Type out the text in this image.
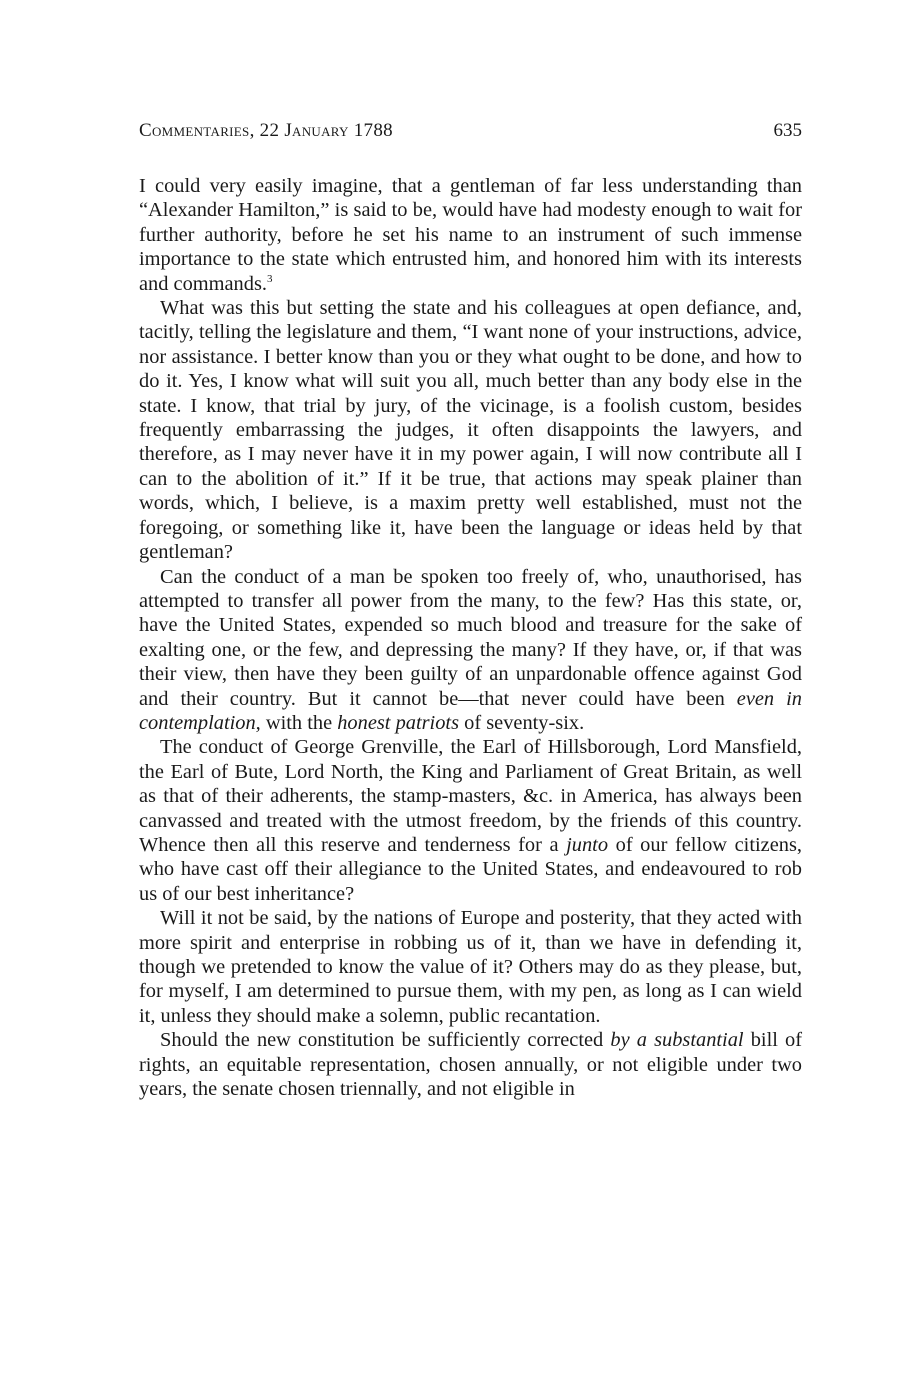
Commentaries, 22 January 1788	635

I could very easily imagine, that a gentleman of far less understanding than “Alexander Hamilton,” is said to be, would have had modesty enough to wait for further authority, before he set his name to an instrument of such immense importance to the state which entrusted him, and honored him with its interests and commands.$^3$

What was this but setting the state and his colleagues at open defiance, and, tacitly, telling the legislature and them, “I want none of your instructions, advice, nor assistance. I better know than you or they what ought to be done, and how to do it. Yes, I know what will suit you all, much better than any body else in the state. I know, that trial by jury, of the vicinage, is a foolish custom, besides frequently embarrassing the judges, it often disappoints the lawyers, and therefore, as I may never have it in my power again, I will now contribute all I can to the abolition of it.” If it be true, that actions may speak plainer than words, which, I believe, is a maxim pretty well established, must not the foregoing, or something like it, have been the language or ideas held by that gentleman?

Can the conduct of a man be spoken too freely of, who, unauthorised, has attempted to transfer all power from the many, to the few? Has this state, or, have the United States, expended so much blood and treasure for the sake of exalting one, or the few, and depressing the many? If they have, or, if that was their view, then have they been guilty of an unpardonable offence against God and their country. But it cannot be—that never could have been even in contemplation, with the honest patriots of seventy-six.

The conduct of George Grenville, the Earl of Hillsborough, Lord Mansfield, the Earl of Bute, Lord North, the King and Parliament of Great Britain, as well as that of their adherents, the stamp-masters, &c. in America, has always been canvassed and treated with the utmost freedom, by the friends of this country. Whence then all this reserve and tenderness for a junto of our fellow citizens, who have cast off their allegiance to the United States, and endeavoured to rob us of our best inheritance?

Will it not be said, by the nations of Europe and posterity, that they acted with more spirit and enterprise in robbing us of it, than we have in defending it, though we pretended to know the value of it? Others may do as they please, but, for myself, I am determined to pursue them, with my pen, as long as I can wield it, unless they should make a solemn, public recantation.

Should the new constitution be sufficiently corrected by a substantial bill of rights, an equitable representation, chosen annually, or not eligible under two years, the senate chosen triennally, and not eligible in
